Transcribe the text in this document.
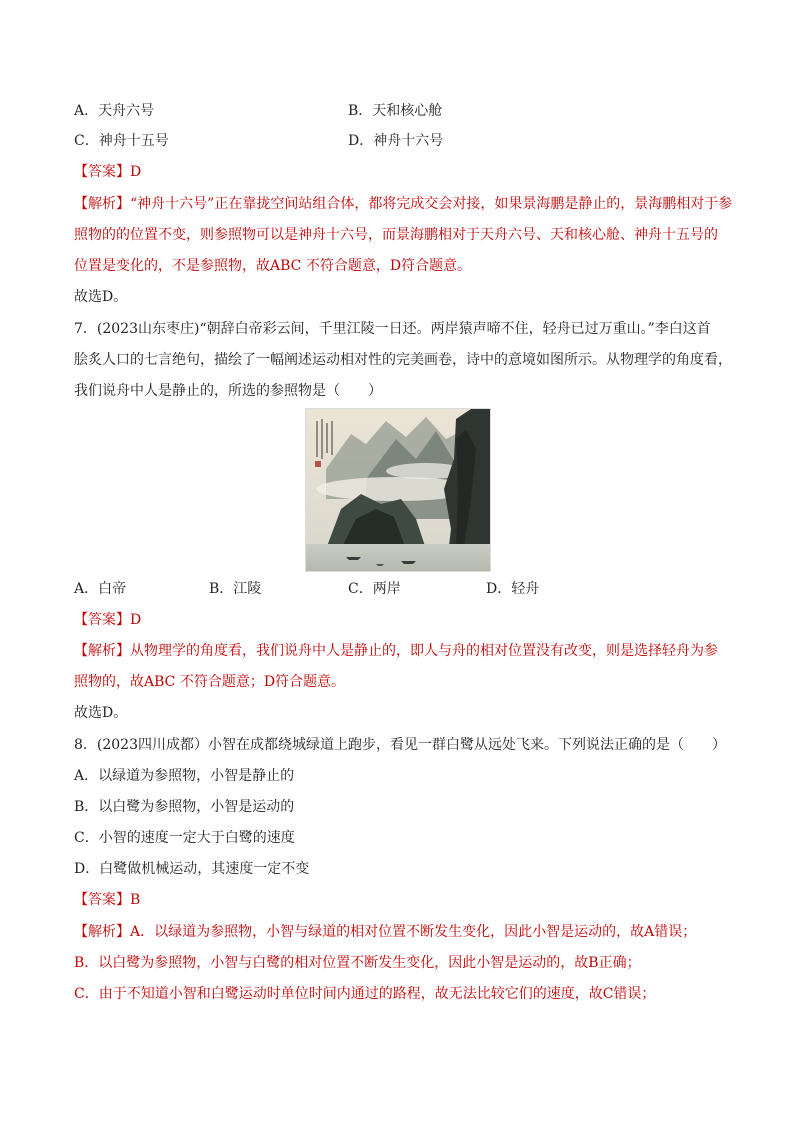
A．天舟六号	B．天和核心舱
C．神舟十五号	D．神舟十六号
【答案】D
【解析】“神舟十六号”正在靠拢空间站组合体，都将完成交会对接，如果景海鹏是静止的，景海鹏相对于参
照物的的位置不变，则参照物可以是神舟十六号，而景海鹏相对于天舟六号、天和核心舱、神舟十五号的
位置是变化的，不是参照物，故ABC 不符合题意，D符合题意。
故选D。
7．(2023山东枣庄)“朝辞白帝彩云间，千里江陵一日还。两岸猿声啼不住，轻舟已过万重山。”李白这首
脍炙人口的七言绝句，描绘了一幅阐述运动相对性的完美画卷，诗中的意境如图所示。从物理学的角度看，
我们说舟中人是静止的，所选的参照物是（　　）
A．白帝	B．江陵	C．两岸	D．轻舟
【答案】D
【解析】从物理学的角度看，我们说舟中人是静止的，即人与舟的相对位置没有改变，则是选择轻舟为参
照物的，故ABC 不符合题意；D符合题意。
故选D。
8．(2023四川成都）小智在成都绕城绿道上跑步，看见一群白鹭从远处飞来。下列说法正确的是（　　）
A．以绿道为参照物，小智是静止的
B．以白鹭为参照物，小智是运动的
C．小智的速度一定大于白鹭的速度
D．白鹭做机械运动，其速度一定不变
【答案】B
【解析】A．以绿道为参照物，小智与绿道的相对位置不断发生变化，因此小智是运动的，故A错误；
B．以白鹭为参照物，小智与白鹭的相对位置不断发生变化，因此小智是运动的，故B正确；
C．由于不知道小智和白鹭运动时单位时间内通过的路程，故无法比较它们的速度，故C错误；
